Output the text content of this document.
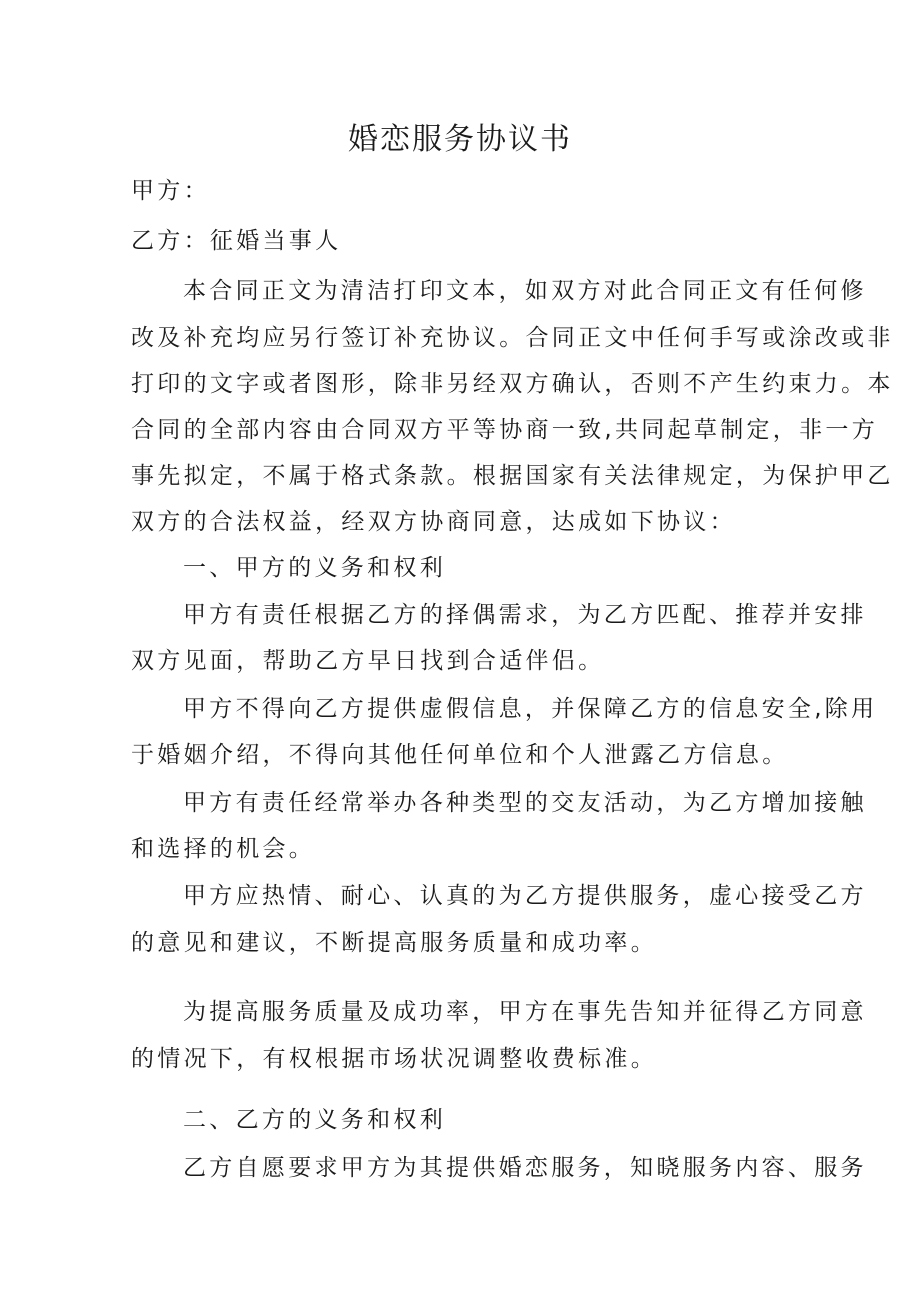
婚恋服务协议书
甲方：
乙方：征婚当事人
本合同正文为清洁打印文本，如双方对此合同正文有任何修
改及补充均应另行签订补充协议。合同正文中任何手写或涂改或非
打印的文字或者图形，除非另经双方确认，否则不产生约束力。本
合同的全部内容由合同双方平等协商一致,共同起草制定，非一方
事先拟定，不属于格式条款。根据国家有关法律规定，为保护甲乙
双方的合法权益，经双方协商同意，达成如下协议：
一、甲方的义务和权利
甲方有责任根据乙方的择偶需求，为乙方匹配、推荐并安排
双方见面，帮助乙方早日找到合适伴侣。
甲方不得向乙方提供虚假信息，并保障乙方的信息安全,除用
于婚姻介绍，不得向其他任何单位和个人泄露乙方信息。
甲方有责任经常举办各种类型的交友活动，为乙方增加接触
和选择的机会。
甲方应热情、耐心、认真的为乙方提供服务，虚心接受乙方
的意见和建议，不断提高服务质量和成功率。
为提高服务质量及成功率，甲方在事先告知并征得乙方同意
的情况下，有权根据市场状况调整收费标准。
二、乙方的义务和权利
乙方自愿要求甲方为其提供婚恋服务，知晓服务内容、服务
